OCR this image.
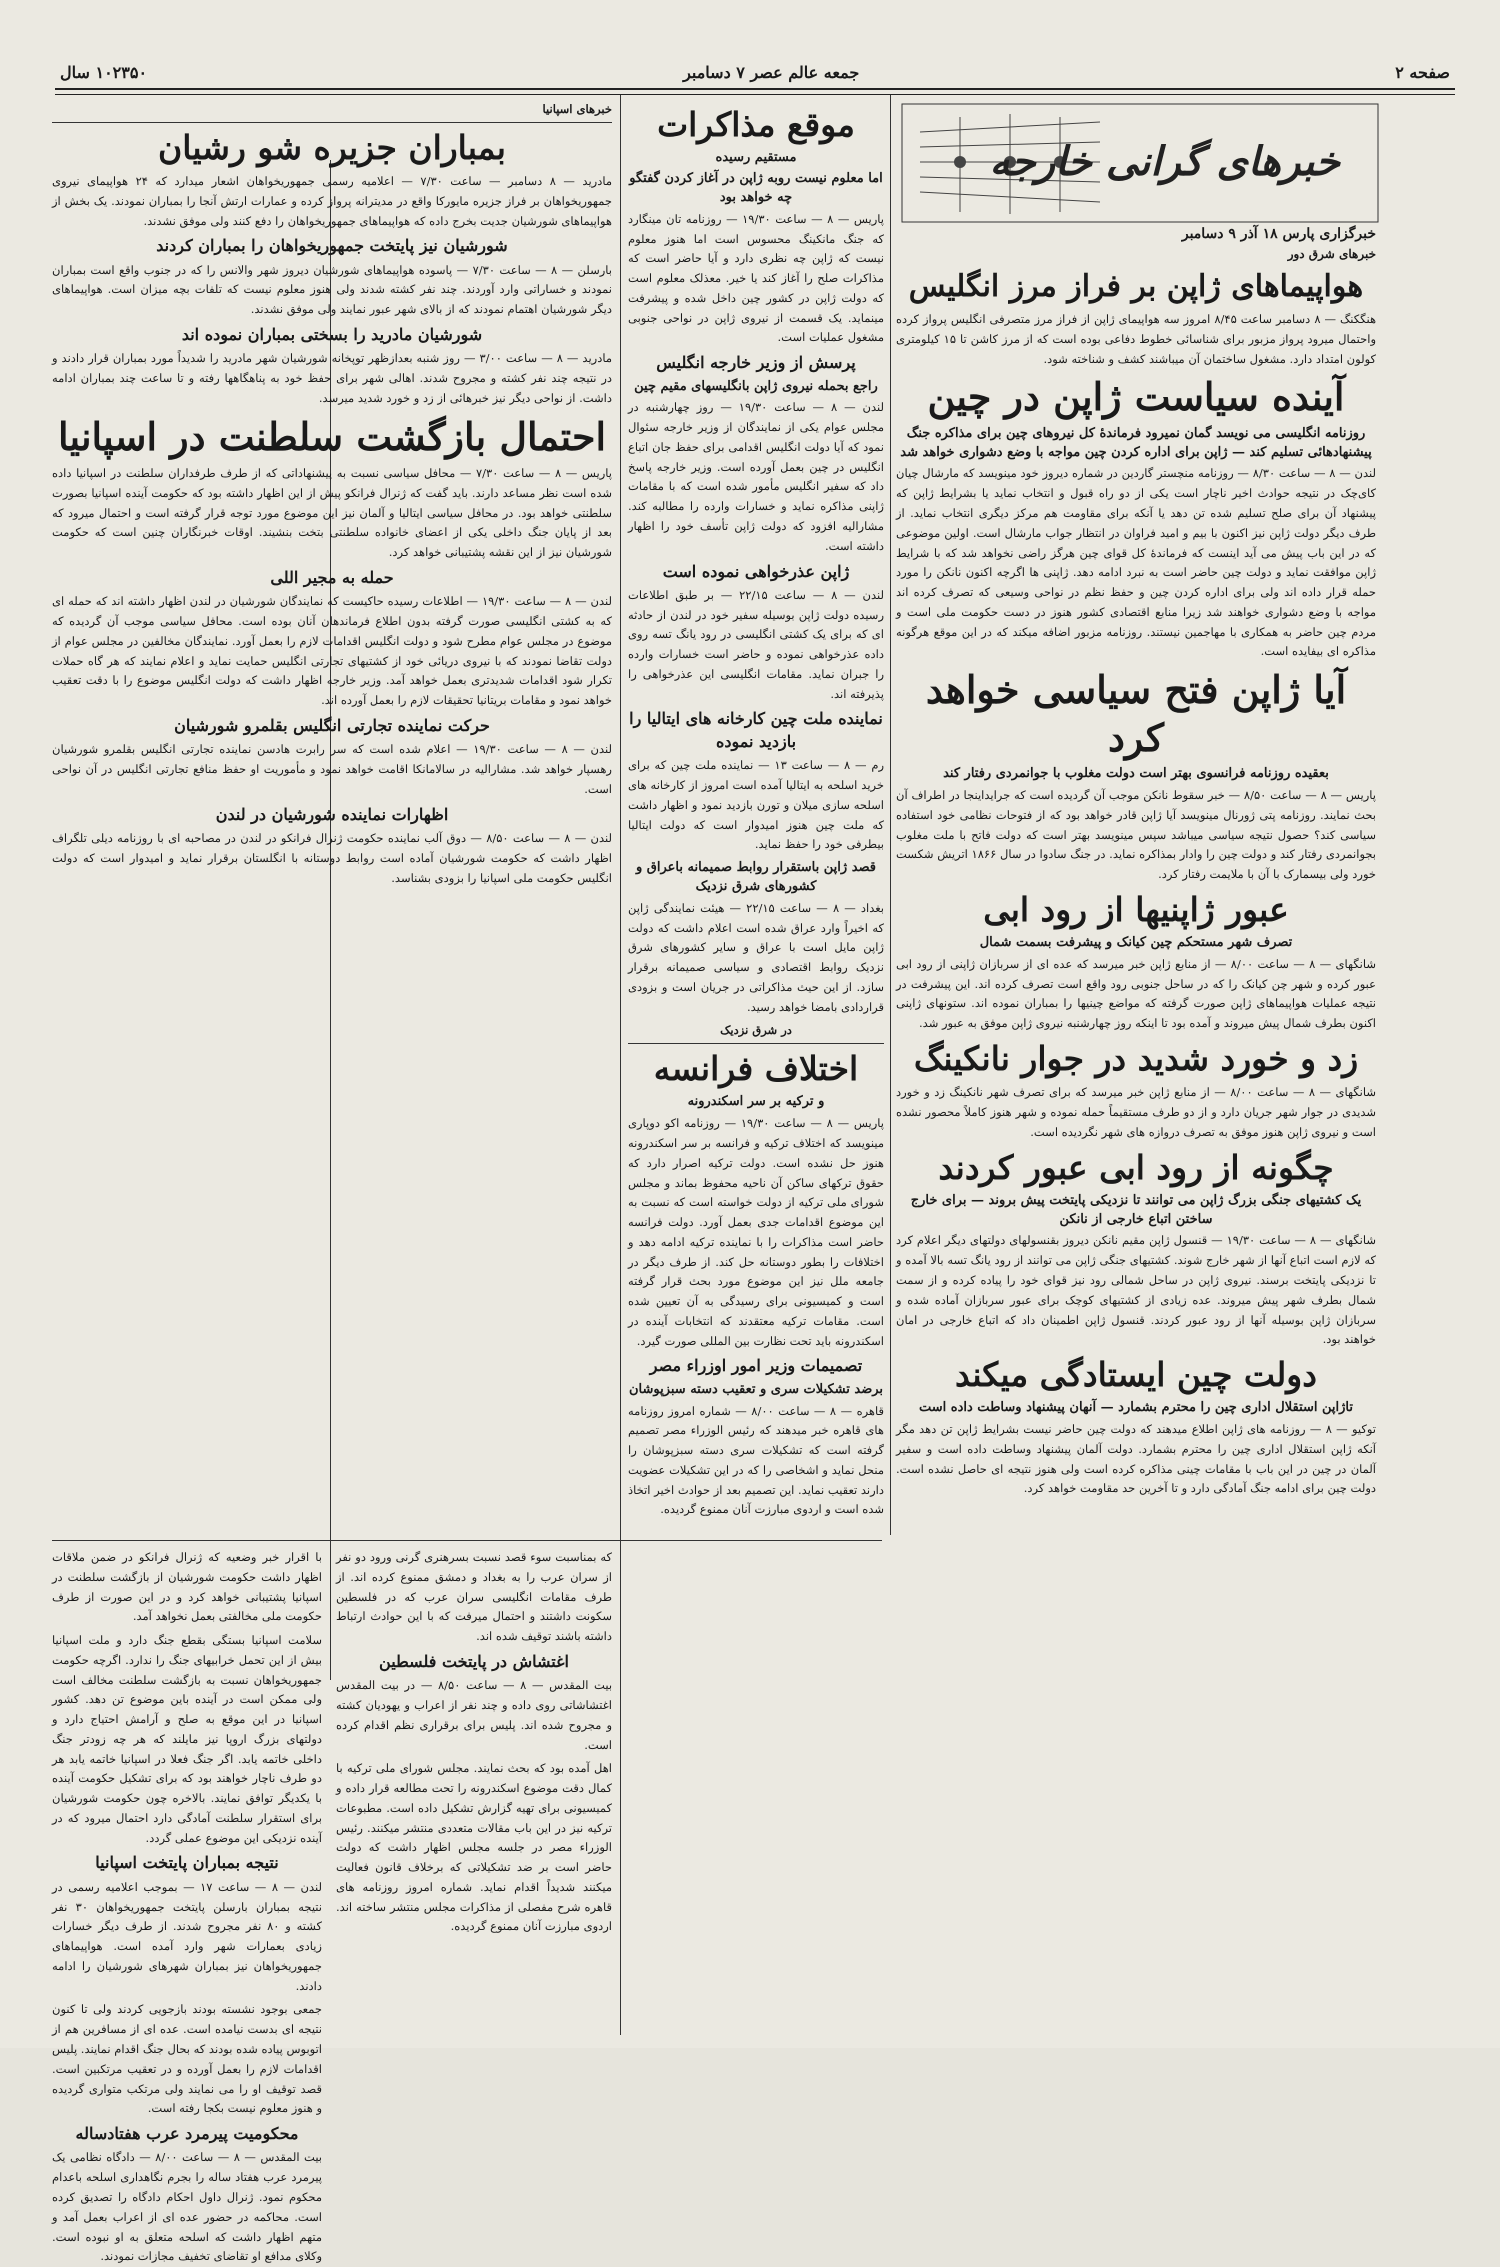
صفحه ۲
جمعه عالم عصر ۷ دسامبر
۱۰۲۳۵۰ سال
خبرهای گرانی خارجه
خبرگزاری پارس ۱۸ آذر ۹ دسامبر
خبرهای شرق دور
هواپیماهای ژاپن بر فراز مرز انگلیس

هنگکنگ — ۸ دسامبر ساعت ۸/۴۵ امروز سه هواپیمای ژاپن از فراز مرز متصرفی انگلیس پرواز کرده واحتمال میرود پرواز مزبور برای شناسائی خطوط دفاعی بوده است که از مرز کاشن تا ۱۵ کیلومتری کولون امتداد دارد. مشغول ساختمان آن میباشند کشف و شناخته شود.

آینده سیاست ژاپن در چین
روزنامه انگلیسی می نویسد گمان نمیرود فرماندهٔ کل نیروهای چین برای مذاکره جنگ پیشنهادهائی تسلیم کند — ژاپن برای اداره کردن چین مواجه با وضع دشواری خواهد شد

لندن — ۸ — ساعت ۸/۳۰ — روزنامه منچستر گاردین در شماره دیروز خود مینویسد که مارشال چیان کای‌چک در نتیجه حوادث اخیر ناچار است یکی از دو راه قبول و انتخاب نماید یا بشرایط ژاپن که پیشنهاد آن برای صلح تسلیم شده تن دهد یا آنکه برای مقاومت هم مرکز دیگری انتخاب نماید. از طرف دیگر دولت ژاپن نیز اکنون با بیم و امید فراوان در انتظار جواب مارشال است. اولین موضوعی که در این باب پیش می آید اینست که فرماندهٔ کل قوای چین هرگز راضی نخواهد شد که با شرایط ژاپن موافقت نماید و دولت چین حاضر است به نبرد ادامه دهد. ژاپنی ها اگرچه اکنون نانکن را مورد حمله قرار داده اند ولی برای اداره کردن چین و حفظ نظم در نواحی وسیعی که تصرف کرده اند مواجه با وضع دشواری خواهند شد زیرا منابع اقتصادی کشور هنوز در دست حکومت ملی است و مردم چین حاضر به همکاری با مهاجمین نیستند. روزنامه مزبور اضافه میکند که در این موقع هرگونه مذاکره ای بیفایده است.

آیا ژاپن فتح سیاسی خواهد کرد
بعقیده روزنامه فرانسوی بهتر است دولت مغلوب با جوانمردی رفتار کند

پاریس — ۸ — ساعت ۸/۵۰ — خبر سقوط نانکن موجب آن گردیده است که جرایداینجا در اطراف آن بحث نمایند. روزنامه پتی ژورنال مینویسد آیا ژاپن قادر خواهد بود که از فتوحات نظامی خود استفاده سیاسی کند؟ حصول نتیجه سیاسی میباشد سپس مینویسد بهتر است که دولت فاتح با ملت مغلوب بجوانمردی رفتار کند و دولت چین را وادار بمذاکره نماید. در جنگ سادوا در سال ۱۸۶۶ اتریش شکست خورد ولی بیسمارک با آن با ملایمت رفتار کرد.

عبور ژاپنیها از رود ابی
تصرف شهر مستحکم چین کیانک و پیشرفت بسمت شمال

شانگهای — ۸ — ساعت ۸/۰۰ — از منابع ژاپن خبر میرسد که عده ای از سربازان ژاپنی از رود ابی عبور کرده و شهر چن کیانک را که در ساحل جنوبی رود واقع است تصرف کرده اند. این پیشرفت در نتیجه عملیات هواپیماهای ژاپن صورت گرفته که مواضع چینیها را بمباران نموده اند. ستونهای ژاپنی اکنون بطرف شمال پیش میروند و آمده بود تا اینکه روز چهارشنبه نیروی ژاپن موفق به عبور شد.

زد و خورد شدید در جوار نانکینگ

شانگهای — ۸ — ساعت ۸/۰۰ — از منابع ژاپن خبر میرسد که برای تصرف شهر نانکینگ زد و خورد شدیدی در جوار شهر جریان دارد و از دو طرف مستقیماً حمله نموده و شهر هنوز کاملاً محصور نشده است و نیروی ژاپن هنوز موفق به تصرف دروازه های شهر نگردیده است.

چگونه از رود ابی عبور کردند
یک کشتیهای جنگی بزرگ ژاپن می توانند تا نزدیکی پایتخت پیش بروند — برای خارج ساختن اتباع خارجی از نانکن

شانگهای — ۸ — ساعت ۱۹/۳۰ — قنسول ژاپن مقیم نانکن دیروز بقنسولهای دولتهای دیگر اعلام کرد که لازم است اتباع آنها از شهر خارج شوند. کشتیهای جنگی ژاپن می توانند از رود یانگ تسه بالا آمده و تا نزدیکی پایتخت برسند. نیروی ژاپن در ساحل شمالی رود نیز قوای خود را پیاده کرده و از سمت شمال بطرف شهر پیش میروند. عده زیادی از کشتیهای کوچک برای عبور سربازان آماده شده و سربازان ژاپن بوسیله آنها از رود عبور کردند. قنسول ژاپن اطمینان داد که اتباع خارجی در امان خواهند بود.

دولت چین ایستادگی میکند
تاژاپن استقلال اداری چین را محترم بشمارد — آنهان پیشنهاد وساطت داده است

توکیو — ۸ — روزنامه های ژاپن اطلاع میدهند که دولت چین حاضر نیست بشرایط ژاپن تن دهد مگر آنکه ژاپن استقلال اداری چین را محترم بشمارد. دولت آلمان پیشنهاد وساطت داده است و سفیر آلمان در چین در این باب با مقامات چینی مذاکره کرده است ولی هنوز نتیجه ای حاصل نشده است. دولت چین برای ادامه جنگ آمادگی دارد و تا آخرین حد مقاومت خواهد کرد.

موقع مذاکرات
مستقیم رسیده
اما معلوم نیست روبه ژاپن در آغاز کردن گفتگو چه خواهد بود

پاریس — ۸ — ساعت ۱۹/۳۰ — روزنامه تان مینگارد که جنگ مانکینگ محسوس است اما هنوز معلوم نیست که ژاپن چه نظری دارد و آیا حاضر است که مذاکرات صلح را آغاز کند یا خیر. معذلک معلوم است که دولت ژاپن در کشور چین داخل شده و پیشرفت مینماید. یک قسمت از نیروی ژاپن در نواحی جنوبی مشغول عملیات است.

پرسش از وزیر خارجه انگلیس
راجع بحمله نیروی ژاپن بانگلیسهای مقیم چین

لندن — ۸ — ساعت ۱۹/۳۰ — روز چهارشنبه در مجلس عوام یکی از نمایندگان از وزیر خارجه سئوال نمود که آیا دولت انگلیس اقدامی برای حفظ جان اتباع انگلیس در چین بعمل آورده است. وزیر خارجه پاسخ داد که سفیر انگلیس مأمور شده است که با مقامات ژاپنی مذاکره نماید و خسارات وارده را مطالبه کند. مشارالیه افزود که دولت ژاپن تأسف خود را اظهار داشته است.

ژاپن عذرخواهی نموده است

لندن — ۸ — ساعت ۲۲/۱۵ — بر طبق اطلاعات رسیده دولت ژاپن بوسیله سفیر خود در لندن از حادثه ای که برای یک کشتی انگلیسی در رود یانگ تسه روی داده عذرخواهی نموده و حاضر است خسارات وارده را جبران نماید. مقامات انگلیسی این عذرخواهی را پذیرفته اند.

نماینده ملت چین کارخانه های ایتالیا را بازدید نموده

رم — ۸ — ساعت ۱۳ — نماینده ملت چین که برای خرید اسلحه به ایتالیا آمده است امروز از کارخانه های اسلحه سازی میلان و تورن بازدید نمود و اظهار داشت که ملت چین هنوز امیدوار است که دولت ایتالیا بیطرفی خود را حفظ نماید.

قصد ژاپن باستقرار روابط صمیمانه باعراق و کشورهای شرق نزدیک

بغداد — ۸ — ساعت ۲۲/۱۵ — هیئت نمایندگی ژاپن که اخیراً وارد عراق شده است اعلام داشت که دولت ژاپن مایل است با عراق و سایر کشورهای شرق نزدیک روابط اقتصادی و سیاسی صمیمانه برقرار سازد. از این حیث مذاکراتی در جریان است و بزودی قراردادی بامضا خواهد رسید.

در شرق نزدیک
اختلاف فرانسه
و ترکیه بر سر اسکندرونه

پاریس — ۸ — ساعت ۱۹/۳۰ — روزنامه اکو دوپاری مینویسد که اختلاف ترکیه و فرانسه بر سر اسکندرونه هنوز حل نشده است. دولت ترکیه اصرار دارد که حقوق ترکهای ساکن آن ناحیه محفوظ بماند و مجلس شورای ملی ترکیه از دولت خواسته است که نسبت به این موضوع اقدامات جدی بعمل آورد. دولت فرانسه حاضر است مذاکرات را با نماینده ترکیه ادامه دهد و اختلافات را بطور دوستانه حل کند. از طرف دیگر در جامعه ملل نیز این موضوع مورد بحث قرار گرفته است و کمیسیونی برای رسیدگی به آن تعیین شده است. مقامات ترکیه معتقدند که انتخابات آینده در اسکندرونه باید تحت نظارت بین المللی صورت گیرد.

تصمیمات وزیر امور اوزراء مصر
برضد تشکیلات سری و تعقیب دسته سبزپوشان

قاهره — ۸ — ساعت ۸/۰۰ — شماره امروز روزنامه های قاهره خبر میدهند که رئیس الوزراء مصر تصمیم گرفته است که تشکیلات سری دسته سبزپوشان را منحل نماید و اشخاصی را که در این تشکیلات عضویت دارند تعقیب نماید. این تصمیم بعد از حوادث اخیر اتخاذ شده است و اردوی مبارزت آنان ممنوع گردیده.

خبرهای اسپانیا
بمباران جزیره شو رشیان

مادرید — ۸ دسامبر — ساعت ۷/۳۰ — اعلامیه رسمی جمهوریخواهان اشعار میدارد که ۲۴ هواپیمای نیروی جمهوریخواهان بر فراز جزیره مایورکا واقع در مدیترانه پرواز کرده و عمارات ارتش آنجا را بمباران نمودند. یک بخش از هواپیماهای شورشیان جدیت بخرج داده که هواپیماهای جمهوریخواهان را دفع کنند ولی موفق نشدند.

شورشیان نیز پایتخت جمهوریخواهان را بمباران کردند

بارسلن — ۸ — ساعت ۷/۳۰ — پاسوده هواپیماهای شورشیان دیروز شهر والانس را که در جنوب واقع است بمباران نمودند و خساراتی وارد آوردند. چند نفر کشته شدند ولی هنوز معلوم نیست که تلفات بچه میزان است. هواپیماهای دیگر شورشیان اهتمام نمودند که از بالای شهر عبور نمایند ولی موفق نشدند.

شورشیان مادرید را بسختی بمباران نموده اند

مادرید — ۸ — ساعت ۳/۰۰ — روز شنبه بعدازظهر توپخانه شورشیان شهر مادرید را شدیداً مورد بمباران قرار دادند و در نتیجه چند نفر کشته و مجروح شدند. اهالی شهر برای حفظ خود به پناهگاهها رفته و تا ساعت چند بمباران ادامه داشت. از نواحی دیگر نیز خبرهائی از زد و خورد شدید میرسد.

احتمال بازگشت سلطنت در اسپانیا

پاریس — ۸ — ساعت ۷/۳۰ — محافل سیاسی نسبت به پیشنهاداتی که از طرف طرفداران سلطنت در اسپانیا داده شده است نظر مساعد دارند. باید گفت که ژنرال فرانکو پیش از این اظهار داشته بود که حکومت آینده اسپانیا بصورت سلطنتی خواهد بود. در محافل سیاسی ایتالیا و آلمان نیز این موضوع مورد توجه قرار گرفته است و احتمال میرود که بعد از پایان جنگ داخلی یکی از اعضای خانواده سلطنتی بتخت بنشیند. اوقات خبرنگاران چنین است که حکومت شورشیان نیز از این نقشه پشتیبانی خواهد کرد.

حمله به مجیر اللی

لندن — ۸ — ساعت ۱۹/۳۰ — اطلاعات رسیده حاکیست که نمایندگان شورشیان در لندن اظهار داشته اند که حمله ای که به کشتی انگلیسی صورت گرفته بدون اطلاع فرماندهان آنان بوده است. محافل سیاسی موجب آن گردیده که موضوع در مجلس عوام مطرح شود و دولت انگلیس اقدامات لازم را بعمل آورد. نمایندگان مخالفین در مجلس عوام از دولت تقاضا نمودند که با نیروی دریائی خود از کشتیهای تجارتی انگلیس حمایت نماید و اعلام نمایند که هر گاه حملات تکرار شود اقدامات شدیدتری بعمل خواهد آمد. وزیر خارجه اظهار داشت که دولت انگلیس موضوع را با دقت تعقیب خواهد نمود و مقامات بریتانیا تحقیقات لازم را بعمل آورده اند.

حرکت نماینده تجارتی انگلیس بقلمرو شورشیان

لندن — ۸ — ساعت ۱۹/۳۰ — اعلام شده است که سر رابرت هادسن نماینده تجارتی انگلیس بقلمرو شورشیان رهسپار خواهد شد. مشارالیه در سالامانکا اقامت خواهد نمود و مأموریت او حفظ منافع تجارتی انگلیس در آن نواحی است.

اظهارات نماینده شورشیان در لندن

لندن — ۸ — ساعت ۸/۵۰ — دوق آلب نماینده حکومت ژنرال فرانکو در لندن در مصاحبه ای با روزنامه دیلی تلگراف اظهار داشت که حکومت شورشیان آماده است روابط دوستانه با انگلستان برقرار نماید و امیدوار است که دولت انگلیس حکومت ملی اسپانیا را بزودی بشناسد.

با اقرار خبر وضعیه که ژنرال فرانکو در ضمن ملاقات اظهار داشت حکومت شورشیان از بازگشت سلطنت در اسپانیا پشتیبانی خواهد کرد و در این صورت از طرف حکومت ملی مخالفتی بعمل نخواهد آمد.

سلامت اسپانیا بستگی بقطع جنگ دارد و ملت اسپانیا بیش از این تحمل خرابیهای جنگ را ندارد. اگرچه حکومت جمهوریخواهان نسبت به بازگشت سلطنت مخالف است ولی ممکن است در آینده باین موضوع تن دهد. کشور اسپانیا در این موقع به صلح و آرامش احتیاج دارد و دولتهای بزرگ اروپا نیز مایلند که هر چه زودتر جنگ داخلی خاتمه یابد. اگر جنگ فعلا در اسپانیا خاتمه یابد هر دو طرف ناچار خواهند بود که برای تشکیل حکومت آینده با یکدیگر توافق نمایند. بالاخره چون حکومت شورشیان برای استقرار سلطنت آمادگی دارد احتمال میرود که در آینده نزدیکی این موضوع عملی گردد.

نتیجه بمباران پایتخت اسپانیا

لندن — ۸ — ساعت ۱۷ — بموجب اعلامیه رسمی در نتیجه بمباران بارسلن پایتخت جمهوریخواهان ۳۰ نفر کشته و ۸۰ نفر مجروح شدند. از طرف دیگر خسارات زیادی بعمارات شهر وارد آمده است. هواپیماهای جمهوریخواهان نیز بمباران شهرهای شورشیان را ادامه دادند.

جمعی بوجود نشسته بودند بازجویی کردند ولی تا کنون نتیجه ای بدست نیامده است. عده ای از مسافرین هم از اتوبوس پیاده شده بودند که بحال جنگ اقدام نمایند. پلیس اقدامات لازم را بعمل آورده و در تعقیب مرتکبین است. قصد توقیف او را می نمایند ولی مرتکب متواری گردیده و هنوز معلوم نیست بکجا رفته است.

محکومیت پیرمرد عرب هفتادساله

بیت المقدس — ۸ — ساعت ۸/۰۰ — دادگاه نظامی یک پیرمرد عرب هفتاد ساله را بجرم نگاهداری اسلحه باعدام محکوم نمود. ژنرال داول احکام دادگاه را تصدیق کرده است. محاکمه در حضور عده ای از اعراب بعمل آمد و متهم اظهار داشت که اسلحه متعلق به او نبوده است. وکلای مدافع او تقاضای تخفیف مجازات نمودند.

که بمناسبت سوء قصد نسبت بسرهنری گرنی ورود دو نفر از سران عرب را به بغداد و دمشق ممنوع کرده اند. از طرف مقامات انگلیسی سران عرب که در فلسطین سکونت داشتند و احتمال میرفت که با این حوادث ارتباط داشته باشند توقیف شده اند.

اغتشاش در پایتخت فلسطین

بیت المقدس — ۸ — ساعت ۸/۵۰ — در بیت المقدس اغتشاشاتی روی داده و چند نفر از اعراب و یهودیان کشته و مجروح شده اند. پلیس برای برقراری نظم اقدام کرده است.

اهل آمده بود که بحث نمایند. مجلس شورای ملی ترکیه با کمال دقت موضوع اسکندرونه را تحت مطالعه قرار داده و کمیسیونی برای تهیه گزارش تشکیل داده است. مطبوعات ترکیه نیز در این باب مقالات متعددی منتشر میکنند. رئیس الوزراء مصر در جلسه مجلس اظهار داشت که دولت حاضر است بر ضد تشکیلاتی که برخلاف قانون فعالیت میکنند شدیداً اقدام نماید. شماره امروز روزنامه های قاهره شرح مفصلی از مذاکرات مجلس منتشر ساخته اند. اردوی مبارزت آنان ممنوع گردیده.
